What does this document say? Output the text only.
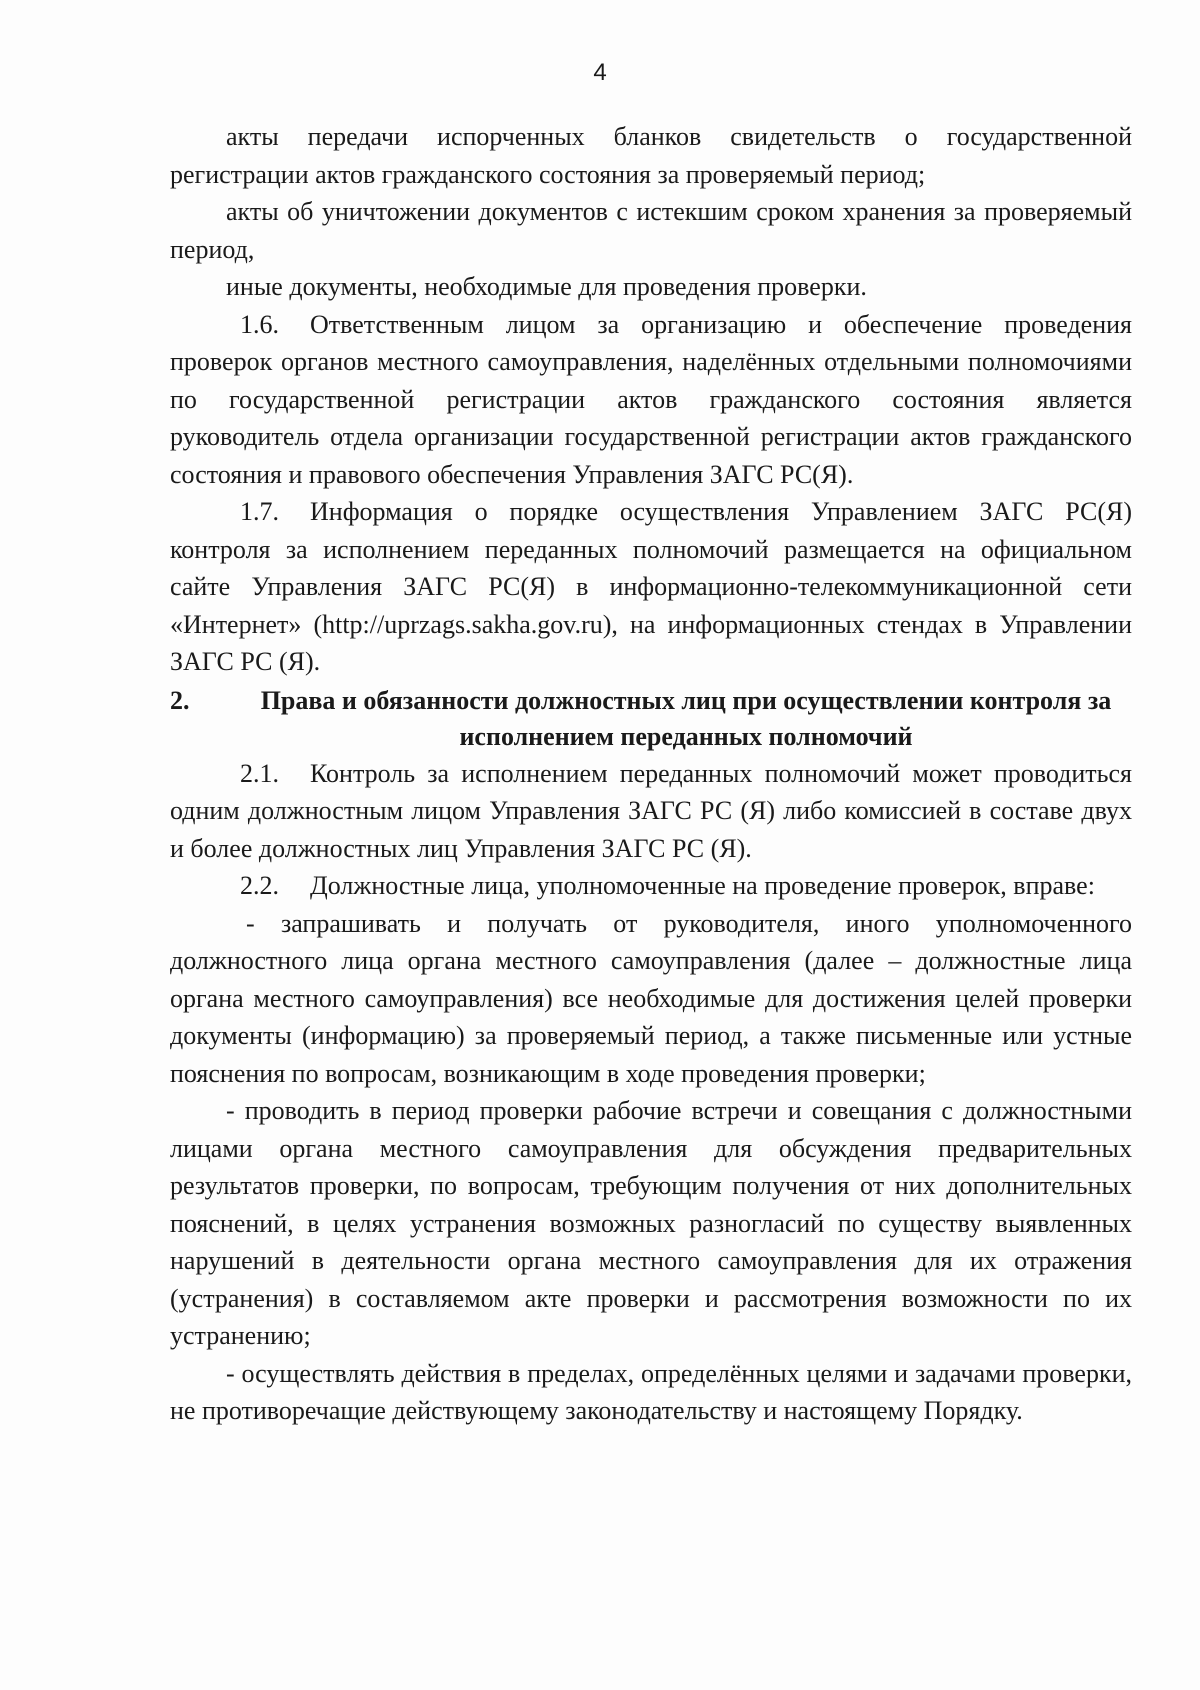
4

акты передачи испорченных бланков свидетельств о государственной регистрации актов гражданского состояния за проверяемый период;

акты об уничтожении документов с истекшим сроком хранения за проверяемый период,

иные документы, необходимые для проведения проверки.

1.6. Ответственным лицом за организацию и обеспечение проведения проверок органов местного самоуправления, наделённых отдельными полномочиями по государственной регистрации актов гражданского состояния является руководитель отдела организации государственной регистрации актов гражданского состояния и правового обеспечения Управления ЗАГС РС(Я).

1.7. Информация о порядке осуществления Управлением ЗАГС РС(Я) контроля за исполнением переданных полномочий размещается на официальном сайте Управления ЗАГС РС(Я) в информационно-телекоммуникационной сети «Интернет» (http://uprzags.sakha.gov.ru), на информационных стендах в Управлении ЗАГС РС (Я).

2.	Права и обязанности должностных лиц при осуществлении контроля за исполнением переданных полномочий

2.1. Контроль за исполнением переданных полномочий может проводиться одним должностным лицом Управления ЗАГС РС (Я) либо комиссией в составе двух и более должностных лиц Управления ЗАГС РС (Я).

2.2. Должностные лица, уполномоченные на проведение проверок, вправе:

- запрашивать и получать от руководителя, иного уполномоченного должностного лица органа местного самоуправления (далее – должностные лица органа местного самоуправления) все необходимые для достижения целей проверки документы (информацию) за проверяемый период, а также письменные или устные пояснения по вопросам, возникающим в ходе проведения проверки;

- проводить в период проверки рабочие встречи и совещания с должностными лицами органа местного самоуправления для обсуждения предварительных результатов проверки, по вопросам, требующим получения от них дополнительных пояснений, в целях устранения возможных разногласий по существу выявленных нарушений в деятельности органа местного самоуправления для их отражения (устранения) в составляемом акте проверки и рассмотрения возможности по их устранению;

- осуществлять действия в пределах, определённых целями и задачами проверки, не противоречащие действующему законодательству и настоящему Порядку.
